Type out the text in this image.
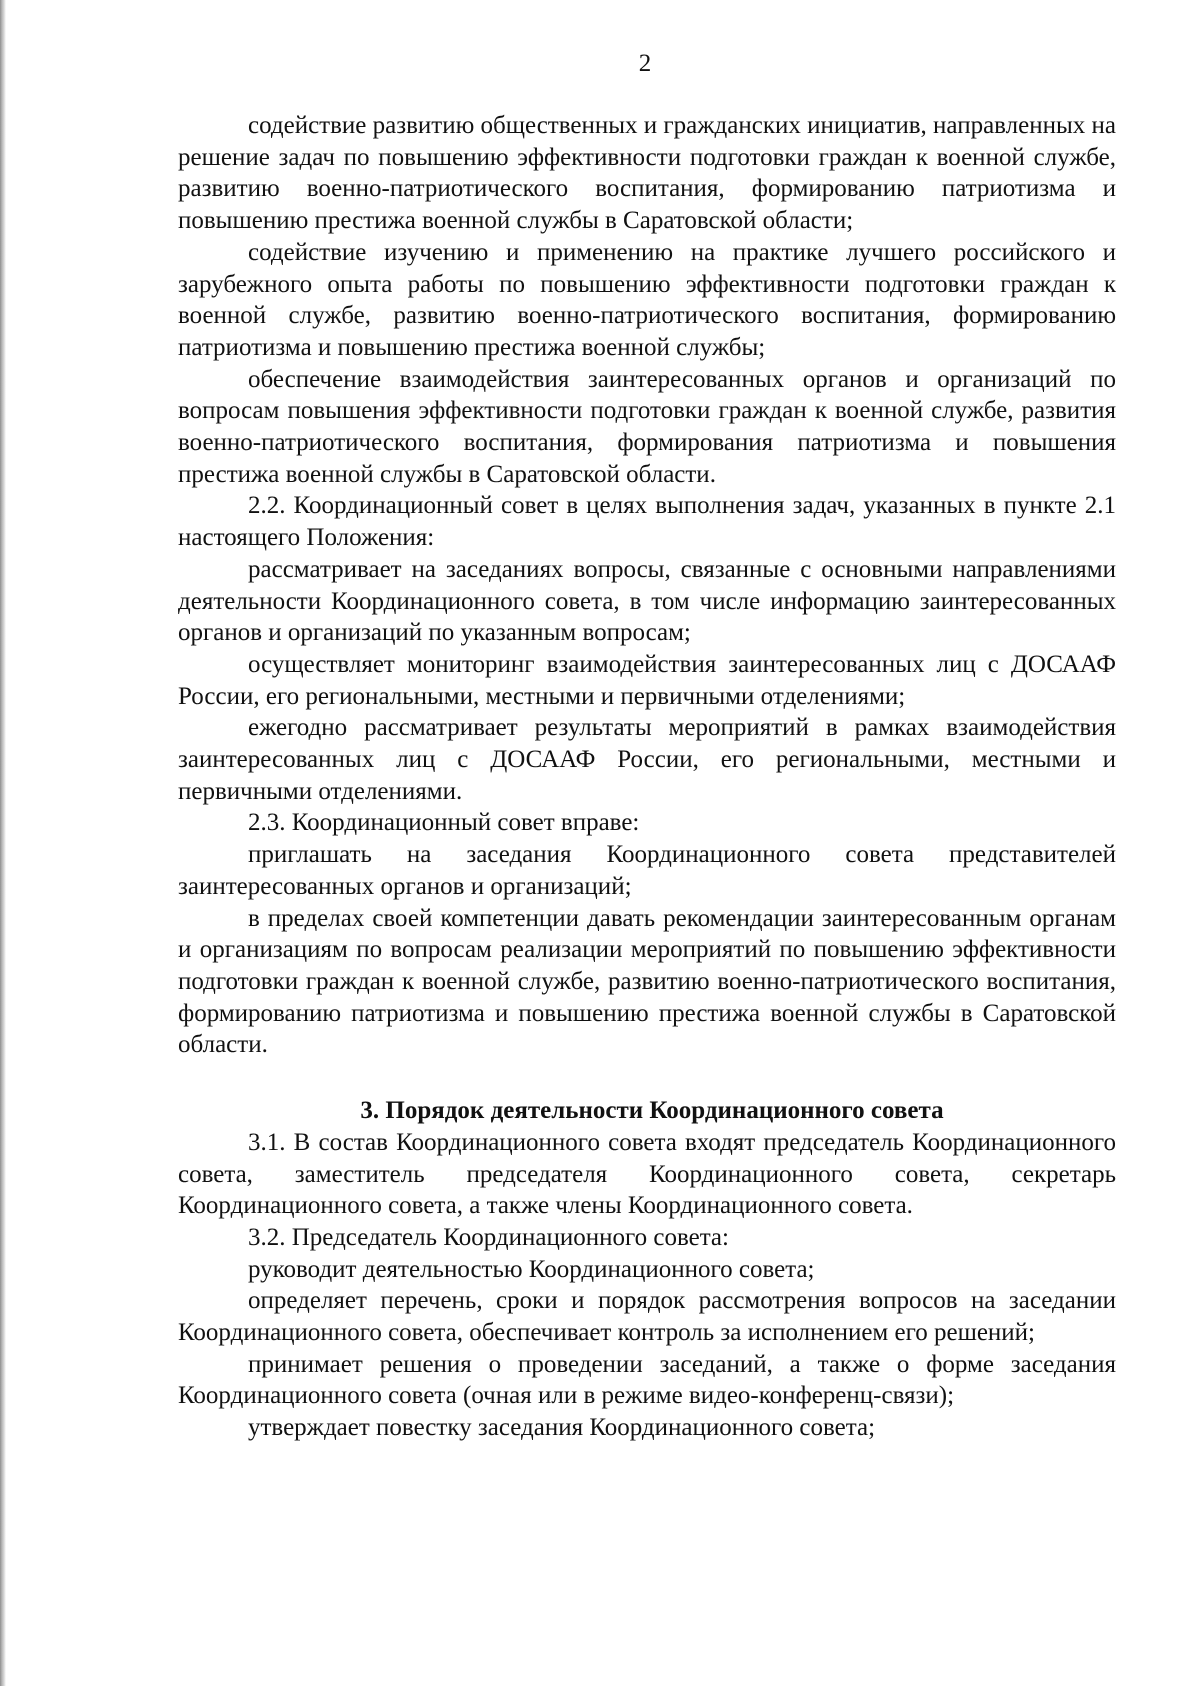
2

содействие развитию общественных и гражданских инициатив, направленных на решение задач по повышению эффективности подготовки граждан к военной службе, развитию военно-патриотического воспитания, формированию патриотизма и повышению престижа военной службы в Саратовской области;

содействие изучению и применению на практике лучшего российского и зарубежного опыта работы по повышению эффективности подготовки граждан к военной службе, развитию военно-патриотического воспитания, формированию патриотизма и повышению престижа военной службы;

обеспечение взаимодействия заинтересованных органов и организаций по вопросам повышения эффективности подготовки граждан к военной службе, развития военно-патриотического воспитания, формирования патриотизма и повышения престижа военной службы в Саратовской области.

2.2. Координационный совет в целях выполнения задач, указанных в пункте 2.1 настоящего Положения:

рассматривает на заседаниях вопросы, связанные с основными направлениями деятельности Координационного совета, в том числе информацию заинтересованных органов и организаций по указанным вопросам;

осуществляет мониторинг взаимодействия заинтересованных лиц с ДОСААФ России, его региональными, местными и первичными отделениями;

ежегодно рассматривает результаты мероприятий в рамках взаимодействия заинтересованных лиц с ДОСААФ России, его региональными, местными и первичными отделениями.

2.3. Координационный совет вправе:

приглашать на заседания Координационного совета представителей заинтересованных органов и организаций;

в пределах своей компетенции давать рекомендации заинтересованным органам и организациям по вопросам реализации мероприятий по повышению эффективности подготовки граждан к военной службе, развитию военно-патриотического воспитания, формированию патриотизма и повышению престижа военной службы в Саратовской области.

3. Порядок деятельности Координационного совета

3.1. В состав Координационного совета входят председатель Координационного совета, заместитель председателя Координационного совета, секретарь Координационного совета, а также члены Координационного совета.

3.2. Председатель Координационного совета:

руководит деятельностью Координационного совета;

определяет перечень, сроки и порядок рассмотрения вопросов на заседании Координационного совета, обеспечивает контроль за исполнением его решений;

принимает решения о проведении заседаний, а также о форме заседания Координационного совета (очная или в режиме видео-конференц-связи);

утверждает повестку заседания Координационного совета;
